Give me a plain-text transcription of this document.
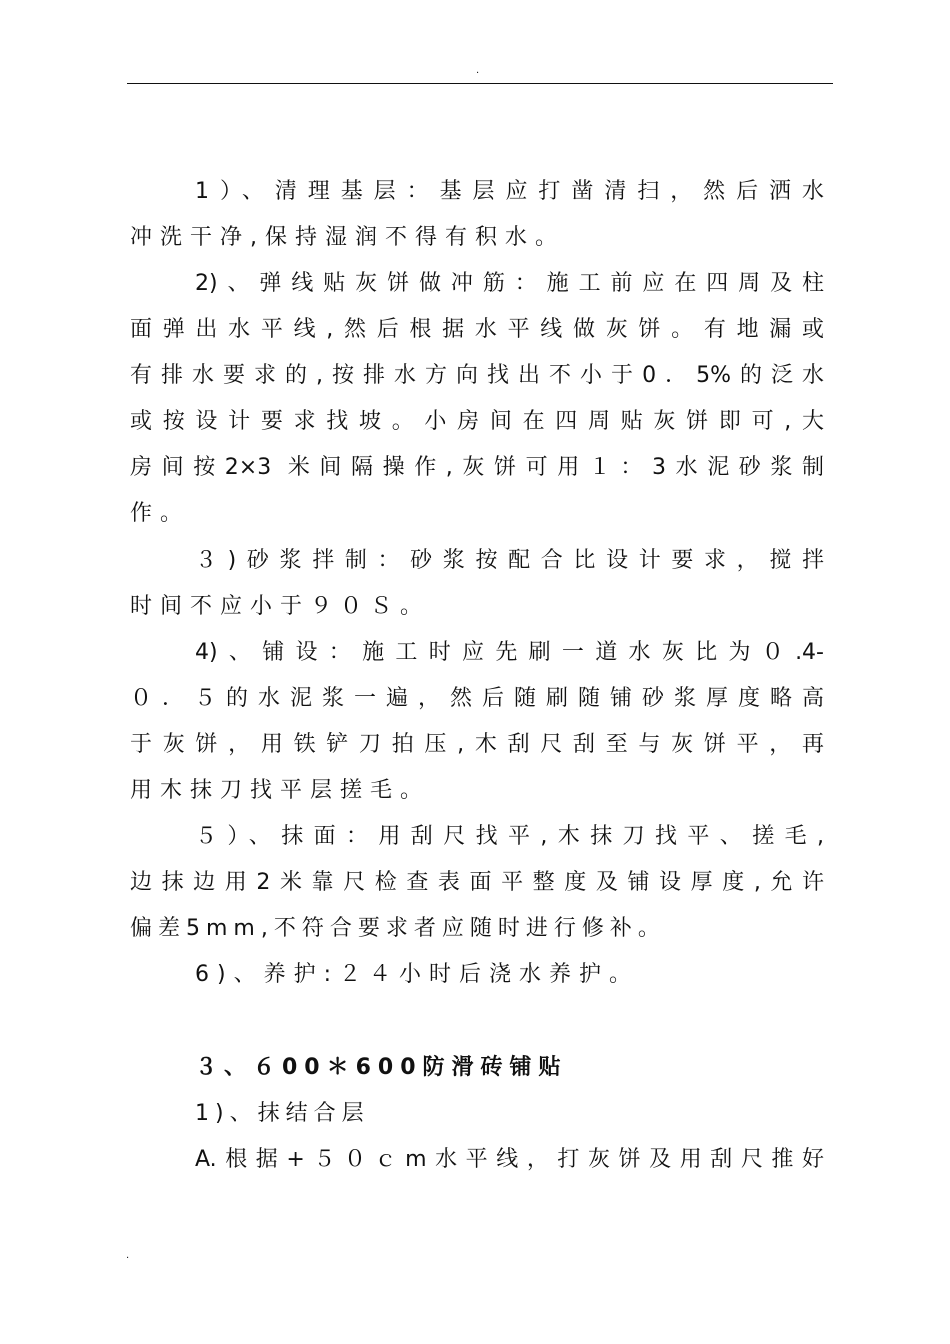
.
1）、清理基层：基层应打凿清扫，然后洒水
冲洗干净,保持湿润不得有积水。
2)、弹线贴灰饼做冲筋：施工前应在四周及柱
面弹出水平线,然后根据水平线做灰饼。有地漏或
有排水要求的,按排水方向找出不小于0．5%的泛水
或按设计要求找坡。小房间在四周贴灰饼即可,大
房间按2×3 米间隔操作,灰饼可用１：3水泥砂浆制
作。
３)砂浆拌制：砂浆按配合比设计要求，搅拌
时间不应小于９０Ｓ。
4)、铺设：施工时应先刷一道水灰比为０.4-
０．５的水泥浆一遍，然后随刷随铺砂浆厚度略高
于灰饼，用铁铲刀拍压,木刮尺刮至与灰饼平，再
用木抹刀找平层搓毛。
５）、抹面：用刮尺找平,木抹刀找平、搓毛,
边抹边用2米靠尺检查表面平整度及铺设厚度,允许
偏差5mm,不符合要求者应随时进行修补。
6)、养护:２４小时后浇水养护。
３、６00＊600防滑砖铺贴
1)、抹结合层
A.根据+５０ｃm水平线，打灰饼及用刮尺推好
.
